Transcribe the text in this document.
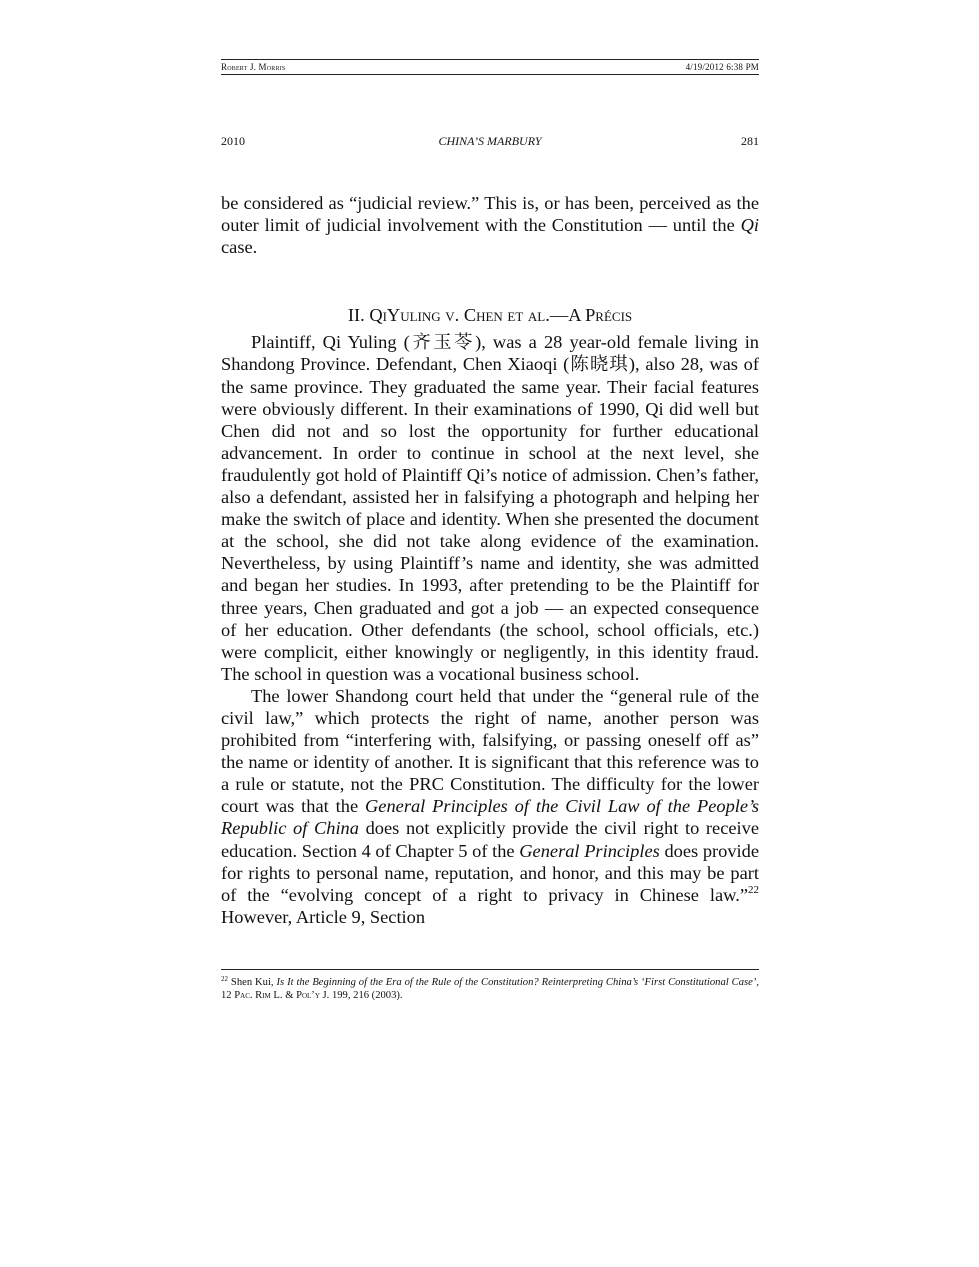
Robert J. Morris	4/19/2012 6:38 PM
2010	CHINA’S MARBURY	281

be considered as “judicial review.” This is, or has been, perceived as the outer limit of judicial involvement with the Constitution — until the Qi case.

II. QiYuling v. Chen et al.—A Précis

Plaintiff, Qi Yuling (齐玉苓), was a 28 year-old female living in Shandong Province. Defendant, Chen Xiaoqi (陈晓琪), also 28, was of the same province. They graduated the same year. Their facial features were obviously different. In their examinations of 1990, Qi did well but Chen did not and so lost the opportunity for further educational advancement. In order to continue in school at the next level, she fraudulently got hold of Plaintiff Qi’s notice of admission. Chen’s father, also a defendant, assisted her in falsifying a photograph and helping her make the switch of place and identity. When she presented the document at the school, she did not take along evidence of the examination. Nevertheless, by using Plaintiff’s name and identity, she was admitted and began her studies. In 1993, after pretending to be the Plaintiff for three years, Chen graduated and got a job — an expected consequence of her education. Other defendants (the school, school officials, etc.) were complicit, either knowingly or negligently, in this identity fraud. The school in question was a vocational business school.

The lower Shandong court held that under the “general rule of the civil law,” which protects the right of name, another person was prohibited from “interfering with, falsifying, or passing oneself off as” the name or identity of another. It is significant that this reference was to a rule or statute, not the PRC Constitution. The difficulty for the lower court was that the General Principles of the Civil Law of the People’s Republic of China does not explicitly provide the civil right to receive education. Section 4 of Chapter 5 of the General Principles does provide for rights to personal name, reputation, and honor, and this may be part of the “evolving concept of a right to privacy in Chinese law.”$^{22}$ However, Article 9, Section

$^{22}$ Shen Kui, Is It the Beginning of the Era of the Rule of the Constitution? Reinterpreting China’s ‘First Constitutional Case’, 12 Pac. Rim L. & Pol’y J. 199, 216 (2003).
